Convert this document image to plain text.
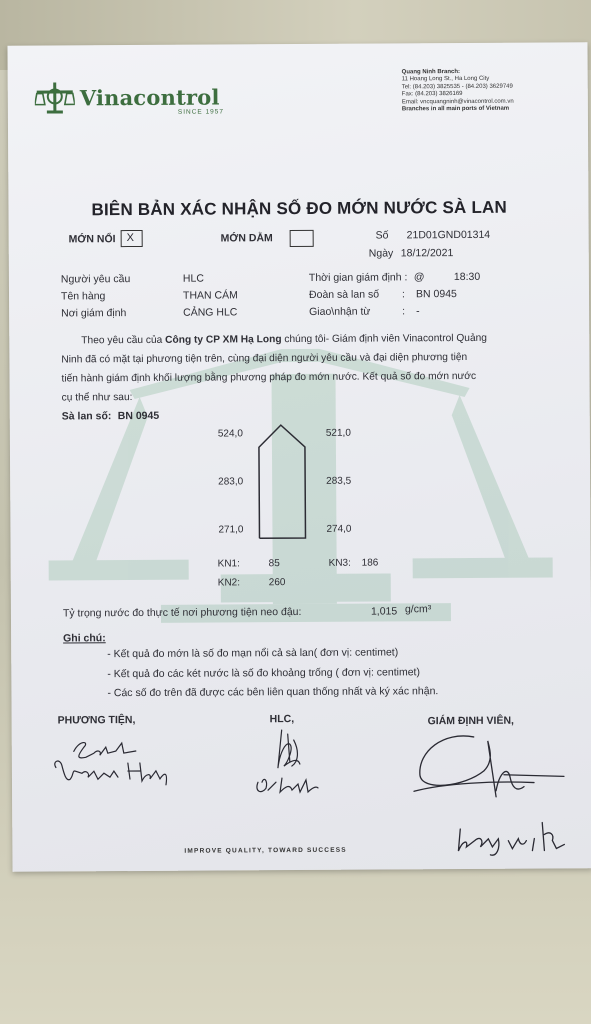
Vinacontrol
SINCE 1957
Quang Ninh Branch:
11 Hoang Long St., Ha Long City
Tel: (84.203) 3825535 - (84.203) 3629749
Fax: (84.203) 3826169
Email: vncquangninh@vinacontrol.com.vn
Branches in all main ports of Vietnam
BIÊN BẢN XÁC NHẬN SỐ ĐO MỚN NƯỚC SÀ LAN
MỚN NỔI X	MỚN DẰM	Số 21D01GND01314
Ngày 18/12/2021
Người yêu cầu	HLC
Tên hàng	THAN CÁM
Nơi giám định	CẢNG HLC
Thời gian giám định : @	18:30
Đoàn sà lan số : BN 0945
Giao\nhận từ	: -
Theo yêu cầu của Công ty CP XM Hạ Long chúng tôi- Giám định viên Vinacontrol Quảng
Ninh đã có mặt tại phương tiện trên, cùng đại diện người yêu cầu và đại diện phương tiện
tiến hành giám định khối lượng bằng phương pháp đo mớn nước. Kết quả số đo mớn nước
cụ thể như sau:
Sà lan số: BN 0945
524,0	521,0
283,0	283,5
271,0	274,0
KN1:	85	KN3: 186
KN2:	260
Tỷ trọng nước đo thực tế nơi phương tiện neo đậu:	1,015 g/cm³
Ghi chú:
- Kết quả đo mớn là số đo mạn nổi cả sà lan( đơn vị: centimet)
- Kết quả đo các két nước là số đo khoảng trống ( đơn vị: centimet)
- Các số đo trên đã được các bên liên quan thống nhất và ký xác nhận.
PHƯƠNG TIỆN,	HLC,	GIÁM ĐỊNH VIÊN,
IMPROVE QUALITY, TOWARD SUCCESS
